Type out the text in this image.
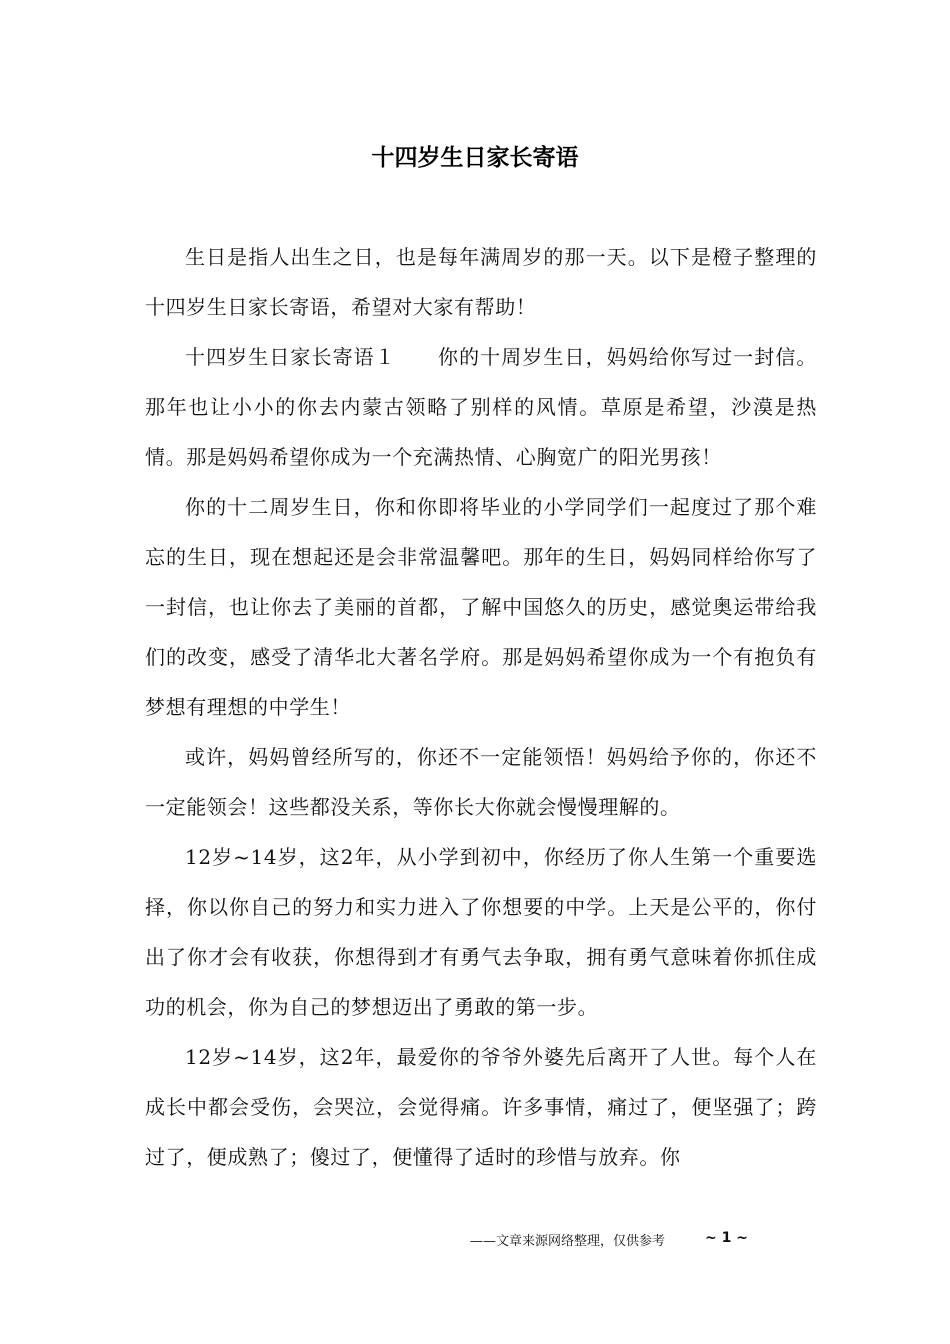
十四岁生日家长寄语

生日是指人出生之日，也是每年满周岁的那一天。以下是橙子整理的十四岁生日家长寄语，希望对大家有帮助！

十四岁生日家长寄语１　　你的十周岁生日，妈妈给你写过一封信。那年也让小小的你去内蒙古领略了别样的风情。草原是希望，沙漠是热情。那是妈妈希望你成为一个充满热情、心胸宽广的阳光男孩！

你的十二周岁生日，你和你即将毕业的小学同学们一起度过了那个难忘的生日，现在想起还是会非常温馨吧。那年的生日，妈妈同样给你写了一封信，也让你去了美丽的首都，了解中国悠久的历史，感觉奥运带给我们的改变，感受了清华北大著名学府。那是妈妈希望你成为一个有抱负有梦想有理想的中学生！

或许，妈妈曾经所写的，你还不一定能领悟！妈妈给予你的，你还不一定能领会！这些都没关系，等你长大你就会慢慢理解的。

12岁~14岁，这2年，从小学到初中，你经历了你人生第一个重要选择，你以你自己的努力和实力进入了你想要的中学。上天是公平的，你付出了你才会有收获，你想得到才有勇气去争取，拥有勇气意味着你抓住成功的机会，你为自己的梦想迈出了勇敢的第一步。

12岁~14岁，这2年，最爱你的爷爷外婆先后离开了人世。每个人在成长中都会受伤，会哭泣，会觉得痛。许多事情，痛过了，便坚强了；跨过了，便成熟了；傻过了，便懂得了适时的珍惜与放弃。你

——文章来源网络整理，仅供参考	~ 1 ~
